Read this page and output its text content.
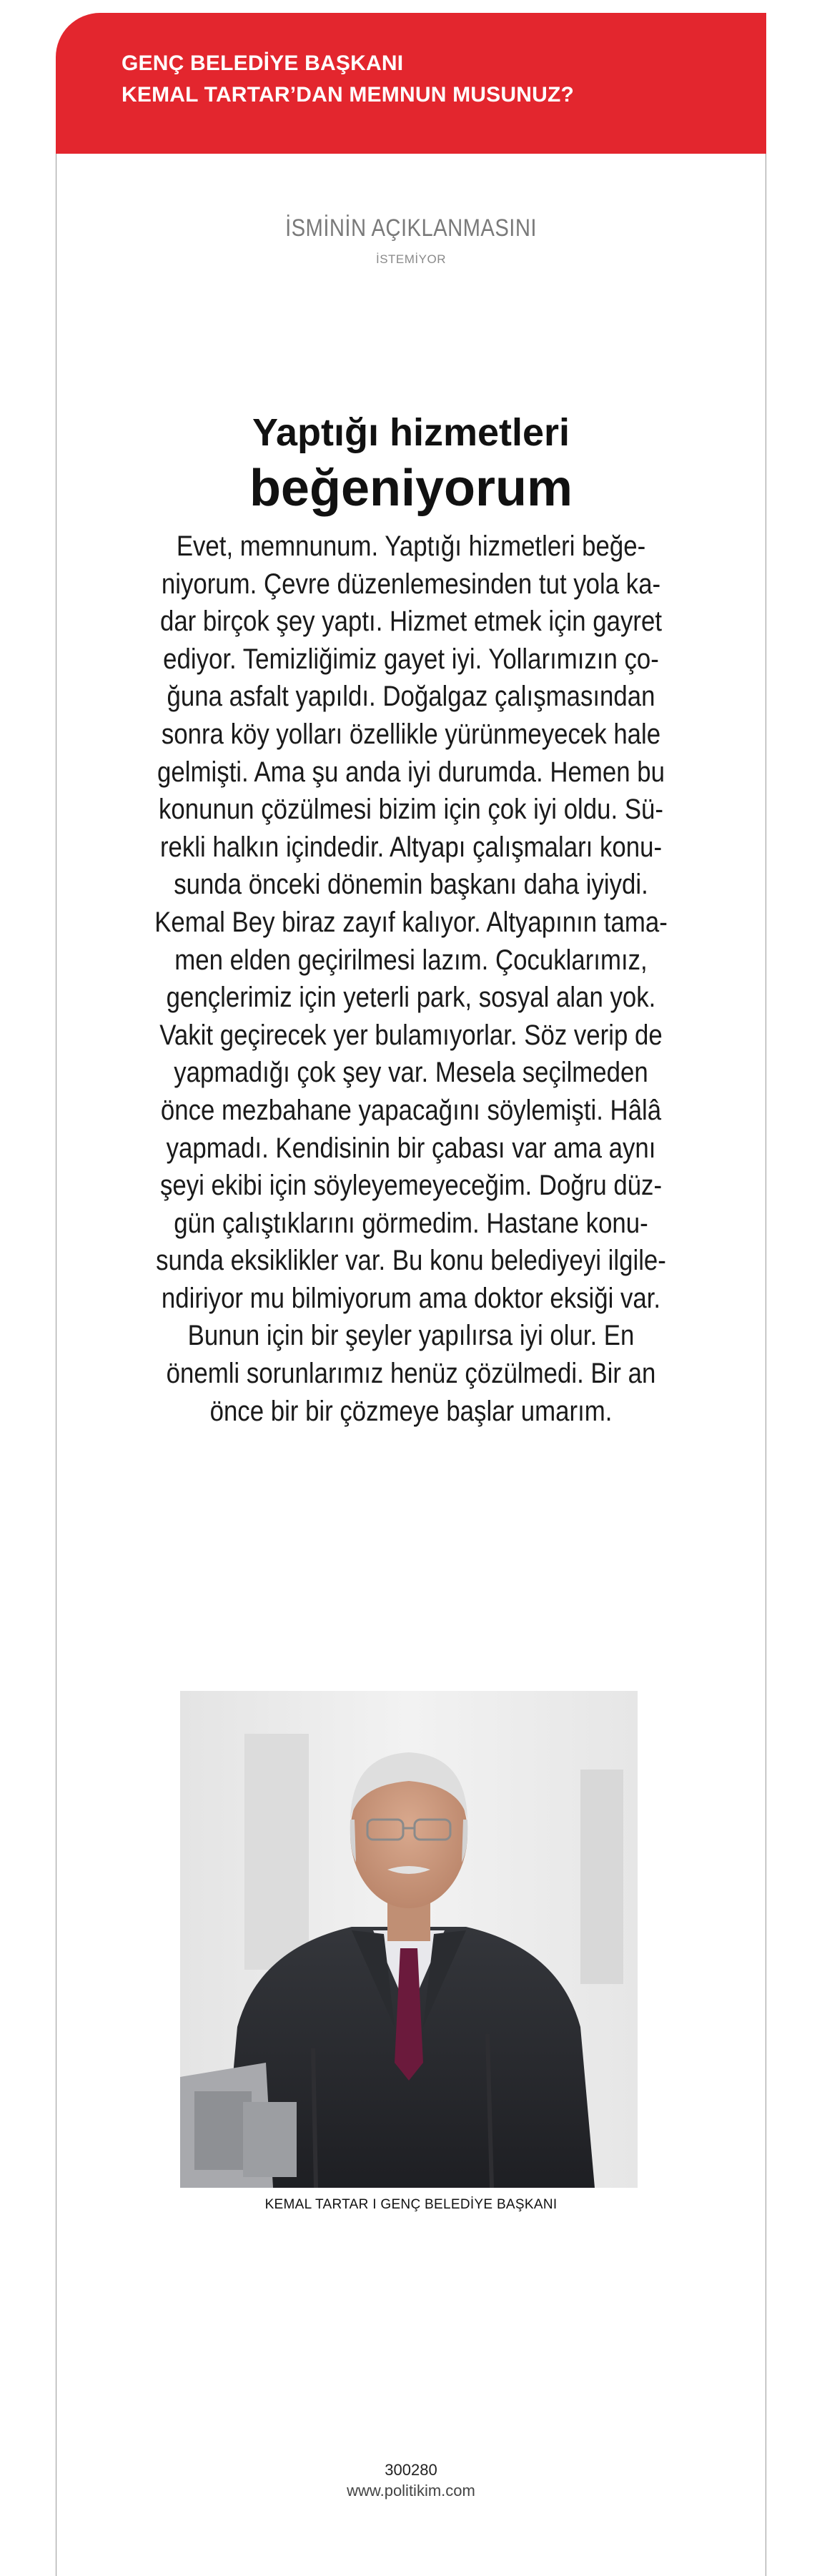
GENÇ BELEDİYE BAŞKANI
KEMAL TARTAR’DAN MEMNUN MUSUNUZ?
İSMİNİN AÇIKLANMASINI
İSTEMİYOR
Yaptığı hizmetleri
beğeniyorum
Evet, memnunum. Yaptığı hizmetleri beğe-
niyorum. Çevre düzenlemesinden tut yola ka-
dar birçok şey yaptı. Hizmet etmek için gayret
ediyor. Temizliğimiz gayet iyi. Yollarımızın ço-
ğuna asfalt yapıldı. Doğalgaz çalışmasından
sonra köy yolları özellikle yürünmeyecek hale
gelmişti. Ama şu anda iyi durumda. Hemen bu
konunun çözülmesi bizim için çok iyi oldu. Sü-
rekli halkın içindedir. Altyapı çalışmaları konu-
sunda önceki dönemin başkanı daha iyiydi.
Kemal Bey biraz zayıf kalıyor. Altyapının tama-
men elden geçirilmesi lazım. Çocuklarımız,
gençlerimiz için yeterli park, sosyal alan yok.
Vakit geçirecek yer bulamıyorlar. Söz verip de
yapmadığı çok şey var. Mesela seçilmeden
önce mezbahane yapacağını söylemişti. Hâlâ
yapmadı. Kendisinin bir çabası var ama aynı
şeyi ekibi için söyleyemeyeceğim. Doğru düz-
gün çalıştıklarını görmedim. Hastane konu-
sunda eksiklikler var. Bu konu belediyeyi ilgile-
ndiriyor mu bilmiyorum ama doktor eksiği var.
Bunun için bir şeyler yapılırsa iyi olur. En
önemli sorunlarımız henüz çözülmedi. Bir an
önce bir bir çözmeye başlar umarım.
KEMAL TARTAR I GENÇ BELEDİYE BAŞKANI
300280
www.politikim.com
